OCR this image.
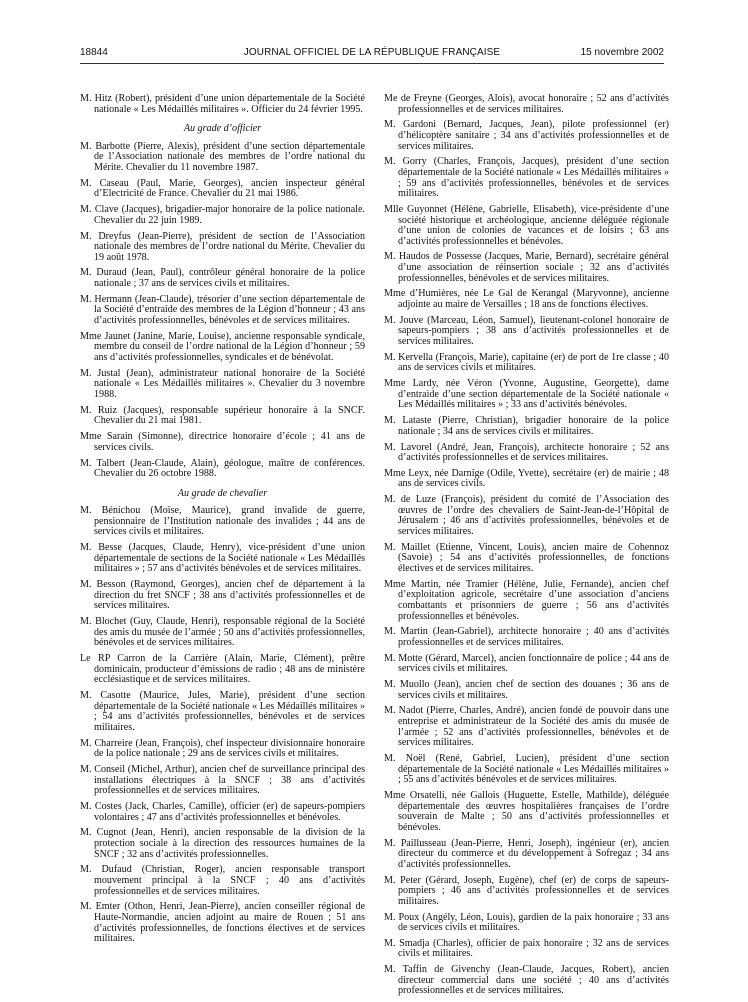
18844	JOURNAL OFFICIEL DE LA RÉPUBLIQUE FRANÇAISE	15 novembre 2002

M. Hitz (Robert), président d’une union départementale de la Société nationale « Les Médaillés militaires ». Officier du 24 février 1995.

Au grade d’officier

M. Barbotte (Pierre, Alexis), président d’une section départementale de l’Association nationale des membres de l’ordre national du Mérite. Chevalier du 11 novembre 1987.

M. Caseau (Paul, Marie, Georges), ancien inspecteur général d’Electricité de France. Chevalier du 21 mai 1986.

M. Clave (Jacques), brigadier-major honoraire de la police nationale. Chevalier du 22 juin 1989.

M. Dreyfus (Jean-Pierre), président de section de l’Association nationale des membres de l’ordre national du Mérite. Chevalier du 19 août 1978.

M. Duraud (Jean, Paul), contrôleur général honoraire de la police nationale ; 37 ans de services civils et militaires.

M. Hermann (Jean-Claude), trésorier d’une section départementale de la Société d’entraide des membres de la Légion d’honneur ; 43 ans d’activités professionnelles, bénévoles et de services militaires.

Mme Jaunet (Janine, Marie, Louise), ancienne responsable syndicale, membre du conseil de l’ordre national de la Légion d’honneur ; 59 ans d’activités professionnelles, syndicales et de bénévolat.

M. Justal (Jean), administrateur national honoraire de la Société nationale « Les Médaillés militaires ». Chevalier du 3 novembre 1988.

M. Ruiz (Jacques), responsable supérieur honoraire à la SNCF. Chevalier du 21 mai 1981.

Mme Sarain (Simonne), directrice honoraire d’école ; 41 ans de services civils.

M. Talbert (Jean-Claude, Alain), géologue, maître de conférences. Chevalier du 26 octobre 1988.

Au grade de chevalier

M. Bénichou (Moïse, Maurice), grand invalide de guerre, pensionnaire de l’Institution nationale des invalides ; 44 ans de services civils et militaires.

M. Besse (Jacques, Claude, Henry), vice-président d’une union départementale de sections de la Société nationale « Les Médaillés militaires » ; 57 ans d’activités bénévoles et de services militaires.

M. Besson (Raymond, Georges), ancien chef de département à la direction du fret SNCF ; 38 ans d’activités professionnelles et de services militaires.

M. Blochet (Guy, Claude, Henri), responsable régional de la Société des amis du musée de l’armée ; 50 ans d’activités professionnelles, bénévoles et de services militaires.

Le RP Carron de la Carrière (Alain, Marie, Clément), prêtre dominicain, producteur d’émissions de radio ; 48 ans de ministère ecclésiastique et de services militaires.

M. Casotte (Maurice, Jules, Marie), président d’une section départementale de la Société nationale « Les Médaillés militaires » ; 54 ans d’activités professionnelles, bénévoles et de services militaires.

M. Charreire (Jean, François), chef inspecteur divisionnaire honoraire de la police nationale ; 29 ans de services civils et militaires.

M. Conseil (Michel, Arthur), ancien chef de surveillance principal des installations électriques à la SNCF ; 38 ans d’activités professionnelles et de services militaires.

M. Costes (Jack, Charles, Camille), officier (er) de sapeurs-pompiers volontaires ; 47 ans d’activités professionnelles et bénévoles.

M. Cugnot (Jean, Henri), ancien responsable de la division de la protection sociale à la direction des ressources humaines de la SNCF ; 32 ans d’activités professionnelles.

M. Dufaud (Christian, Roger), ancien responsable transport mouvement principal à la SNCF ; 40 ans d’activités professionnelles et de services militaires.

M. Emter (Othon, Henri, Jean-Pierre), ancien conseiller régional de Haute-Normandie, ancien adjoint au maire de Rouen ; 51 ans d’activités professionnelles, de fonctions électives et de services militaires.

Me de Freyne (Georges, Alois), avocat honoraire ; 52 ans d’activités professionnelles et de services militaires.

M. Gardoni (Bernard, Jacques, Jean), pilote professionnel (er) d’hélicoptère sanitaire ; 34 ans d’activités professionnelles et de services militaires.

M. Gorry (Charles, François, Jacques), président d’une section départementale de la Société nationale « Les Médaillés militaires » ; 59 ans d’activités professionnelles, bénévoles et de services militaires.

Mlle Guyonnet (Hélène, Gabrielle, Elisabeth), vice-présidente d’une société historique et archéologique, ancienne déléguée régionale d’une union de colonies de vacances et de loisirs ; 63 ans d’activités professionnelles et bénévoles.

M. Haudos de Possesse (Jacques, Marie, Bernard), secrétaire général d’une association de réinsertion sociale ; 32 ans d’activités professionnelles, bénévoles et de services militaires.

Mme d’Humières, née Le Gal de Kerangal (Maryvonne), ancienne adjointe au maire de Versailles ; 18 ans de fonctions électives.

M. Jouve (Marceau, Léon, Samuel), lieutenant-colonel honoraire de sapeurs-pompiers ; 38 ans d’activités professionnelles et de services militaires.

M. Kervella (François, Marie), capitaine (er) de port de 1re classe ; 40 ans de services civils et militaires.

Mme Lardy, née Véron (Yvonne, Augustine, Georgette), dame d’entraide d’une section départementale de la Société nationale « Les Médaillés militaires » ; 33 ans d’activités bénévoles.

M. Lataste (Pierre, Christian), brigadier honoraire de la police nationale ; 34 ans de services civils et militaires.

M. Lavorel (André, Jean, François), architecte honoraire ; 52 ans d’activités professionnelles et de services militaires.

Mme Leyx, née Darnige (Odile, Yvette), secrétaire (er) de mairie ; 48 ans de services civils.

M. de Luze (François), président du comité de l’Association des œuvres de l’ordre des chevaliers de Saint-Jean-de-l’Hôpital de Jérusalem ; 46 ans d’activités professionnelles, bénévoles et de services militaires.

M. Maillet (Etienne, Vincent, Louis), ancien maire de Cohennoz (Savoie) ; 54 ans d’activités professionnelles, de fonctions électives et de services militaires.

Mme Martin, née Tramier (Hélène, Julie, Fernande), ancien chef d’exploitation agricole, secrétaire d’une association d’anciens combattants et prisonniers de guerre ; 56 ans d’activités professionnelles et bénévoles.

M. Martin (Jean-Gabriel), architecte honoraire ; 40 ans d’activités professionnelles et de services militaires.

M. Motte (Gérard, Marcel), ancien fonctionnaire de police ; 44 ans de services civils et militaires.

M. Muollo (Jean), ancien chef de section des douanes ; 36 ans de services civils et militaires.

M. Nadot (Pierre, Charles, André), ancien fondé de pouvoir dans une entreprise et administrateur de la Société des amis du musée de l’armée ; 52 ans d’activités professionnelles, bénévoles et de services militaires.

M. Noël (René, Gabriel, Lucien), président d’une section départementale de la Société nationale « Les Médaillés militaires » ; 55 ans d’activités bénévoles et de services militaires.

Mme Orsatelli, née Gallois (Huguette, Estelle, Mathilde), déléguée départementale des œuvres hospitalières françaises de l’ordre souverain de Malte ; 50 ans d’activités professionnelles et bénévoles.

M. Paillusseau (Jean-Pierre, Henri, Joseph), ingénieur (er), ancien directeur du commerce et du développement à Sofregaz ; 34 ans d’activités professionnelles.

M. Peter (Gérard, Joseph, Eugène), chef (er) de corps de sapeurs-pompiers ; 46 ans d’activités professionnelles et de services militaires.

M. Poux (Angély, Léon, Louis), gardien de la paix honoraire ; 33 ans de services civils et militaires.

M. Smadja (Charles), officier de paix honoraire ; 32 ans de services civils et militaires.

M. Taffin de Givenchy (Jean-Claude, Jacques, Robert), ancien directeur commercial dans une société ; 40 ans d’activités professionnelles et de services militaires.
